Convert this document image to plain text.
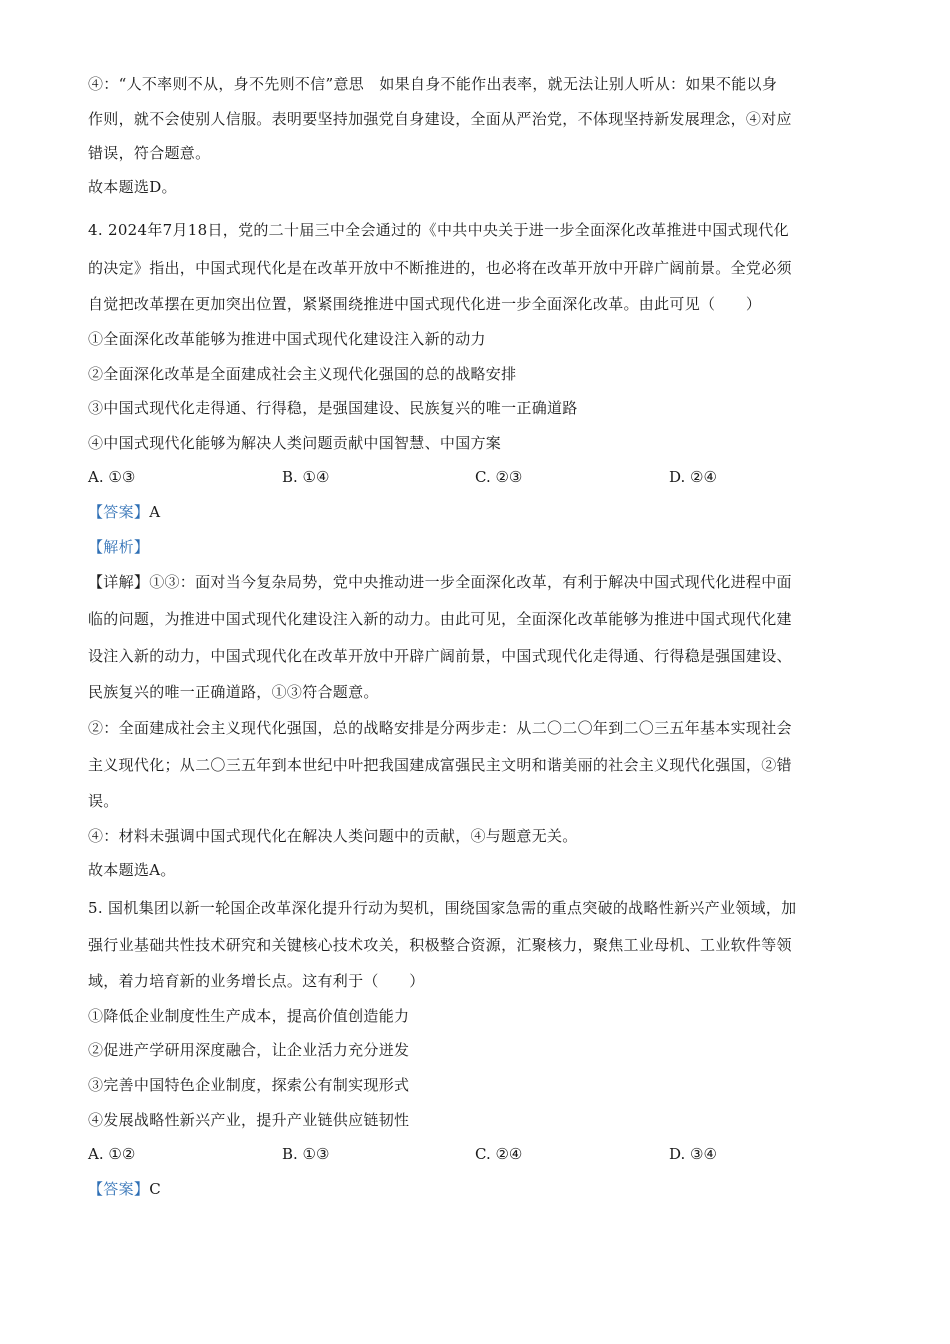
④：“人不率则不从，身不先则不信”意思　如果自身不能作出表率，就无法让别人听从：如果不能以身

作则，就不会使别人信服。表明要坚持加强党自身建设，全面从严治党，不体现坚持新发展理念，④对应

错误，符合题意。

故本题选D。

4. 2024年7月18日，党的二十届三中全会通过的《中共中央关于进一步全面深化改革推进中国式现代化

的决定》指出，中国式现代化是在改革开放中不断推进的，也必将在改革开放中开辟广阔前景。全党必须

自觉把改革摆在更加突出位置，紧紧围绕推进中国式现代化进一步全面深化改革。由此可见（　　）

①全面深化改革能够为推进中国式现代化建设注入新的动力

②全面深化改革是全面建成社会主义现代化强国的总的战略安排

③中国式现代化走得通、行得稳，是强国建设、民族复兴的唯一正确道路

④中国式现代化能够为解决人类问题贡献中国智慧、中国方案

A. ①③	B. ①④	C. ②③	D. ②④

【答案】A

【解析】

【详解】①③：面对当今复杂局势，党中央推动进一步全面深化改革，有利于解决中国式现代化进程中面

临的问题，为推进中国式现代化建设注入新的动力。由此可见，全面深化改革能够为推进中国式现代化建

设注入新的动力，中国式现代化在改革开放中开辟广阔前景，中国式现代化走得通、行得稳是强国建设、

民族复兴的唯一正确道路，①③符合题意。

②：全面建成社会主义现代化强国，总的战略安排是分两步走：从二〇二〇年到二〇三五年基本实现社会

主义现代化；从二〇三五年到本世纪中叶把我国建成富强民主文明和谐美丽的社会主义现代化强国，②错

误。

④：材料未强调中国式现代化在解决人类问题中的贡献，④与题意无关。

故本题选A。

5. 国机集团以新一轮国企改革深化提升行动为契机，围绕国家急需的重点突破的战略性新兴产业领域，加

强行业基础共性技术研究和关键核心技术攻关，积极整合资源，汇聚核力，聚焦工业母机、工业软件等领

域，着力培育新的业务增长点。这有利于（　　）

①降低企业制度性生产成本，提高价值创造能力

②促进产学研用深度融合，让企业活力充分迸发

③完善中国特色企业制度，探索公有制实现形式

④发展战略性新兴产业，提升产业链供应链韧性

A. ①②	B. ①③	C. ②④	D. ③④

【答案】C
